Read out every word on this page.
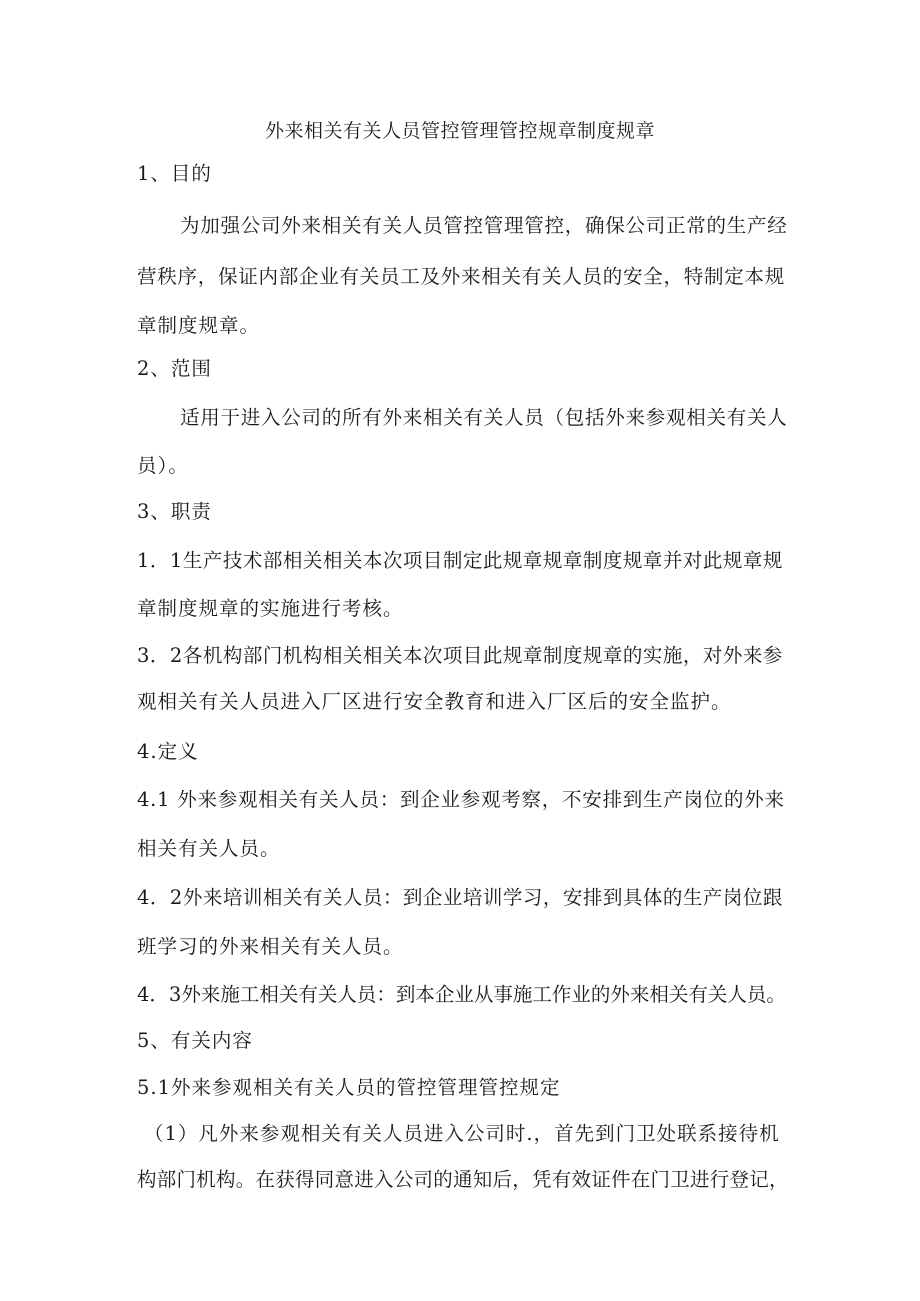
外来相关有关人员管控管理管控规章制度规章
1、目的
为加强公司外来相关有关人员管控管理管控，确保公司正常的生产经
营秩序，保证内部企业有关员工及外来相关有关人员的安全，特制定本规
章制度规章。
2、范围
适用于进入公司的所有外来相关有关人员（包括外来参观相关有关人
员）。
3、职责
1．1生产技术部相关相关本次项目制定此规章规章制度规章并对此规章规
章制度规章的实施进行考核。
3．2各机构部门机构相关相关本次项目此规章制度规章的实施，对外来参
观相关有关人员进入厂区进行安全教育和进入厂区后的安全监护。
4.定义
4.1 外来参观相关有关人员：到企业参观考察，不安排到生产岗位的外来
相关有关人员。
4．2外来培训相关有关人员：到企业培训学习，安排到具体的生产岗位跟
班学习的外来相关有关人员。
4．3外来施工相关有关人员：到本企业从事施工作业的外来相关有关人员。
5、有关内容
5.1外来参观相关有关人员的管控管理管控规定
（1）凡外来参观相关有关人员进入公司时.，首先到门卫处联系接待机
构部门机构。在获得同意进入公司的通知后，凭有效证件在门卫进行登记，
